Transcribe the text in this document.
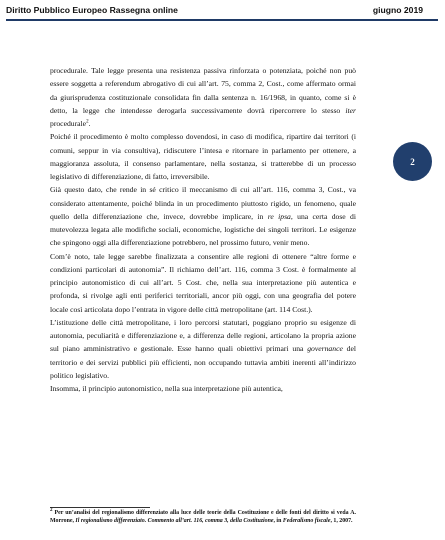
Diritto Pubblico Europeo Rassegna online	giugno 2019
2

procedurale. Tale legge presenta una resistenza passiva rinforzata o potenziata, poiché non può essere soggetta a referendum abrogativo di cui all’art. 75, comma 2, Cost., come affermato ormai da giurisprudenza costituzionale consolidata fin dalla sentenza n. 16/1968, in quanto, come si è detto, la legge che intendesse derogarla successivamente dovrà ripercorrere lo stesso iter procedurale$^2$.

Poiché il procedimento è molto complesso dovendosi, in caso di modifica, ripartire dai territori (i comuni, seppur in via consultiva), ridiscutere l’intesa e ritornare in parlamento per ottenere, a maggioranza assoluta, il consenso parlamentare, nella sostanza, si tratterebbe di un processo legislativo di differenziazione, di fatto, irreversibile.

Già questo dato, che rende in sé critico il meccanismo di cui all’art. 116, comma 3, Cost., va considerato attentamente, poiché blinda in un procedimento piuttosto rigido, un fenomeno, quale quello della differenziazione che, invece, dovrebbe implicare, in re ipsa, una certa dose di mutevolezza legata alle modifiche sociali, economiche, logistiche dei singoli territori. Le esigenze che spingono oggi alla differenziazione potrebbero, nel prossimo futuro, venir meno.

Com’è noto, tale legge sarebbe finalizzata a consentire alle regioni di ottenere “altre forme e condizioni particolari di autonomia”. Il richiamo dell’art. 116, comma 3 Cost. è formalmente al principio autonomistico di cui all’art. 5 Cost. che, nella sua interpretazione più autentica e profonda, si rivolge agli enti periferici territoriali, ancor più oggi, con una geografia del potere locale così articolata dopo l’entrata in vigore delle città metropolitane (art. 114 Cost.).

L’istituzione delle città metropolitane, i loro percorsi statutari, poggiano proprio su esigenze di autonomia, peculiarità e differenziazione e, a differenza delle regioni, articolano la propria azione sul piano amministrativo e gestionale. Esse hanno quali obiettivi primari una governance del territorio e dei servizi pubblici più efficienti, non occupando tuttavia ambiti inerenti all’indirizzo politico legislativo.

Insomma, il principio autonomistico, nella sua interpretazione più autentica,

$^2$ Per un’analisi del regionalismo differenziato alla luce delle teorie della Costituzione e delle fonti del diritto si veda A. Morrone, Il regionalismo differenziato. Commento all’art. 116, comma 3, della Costituzione, in Federalismo fiscale, 1, 2007.
